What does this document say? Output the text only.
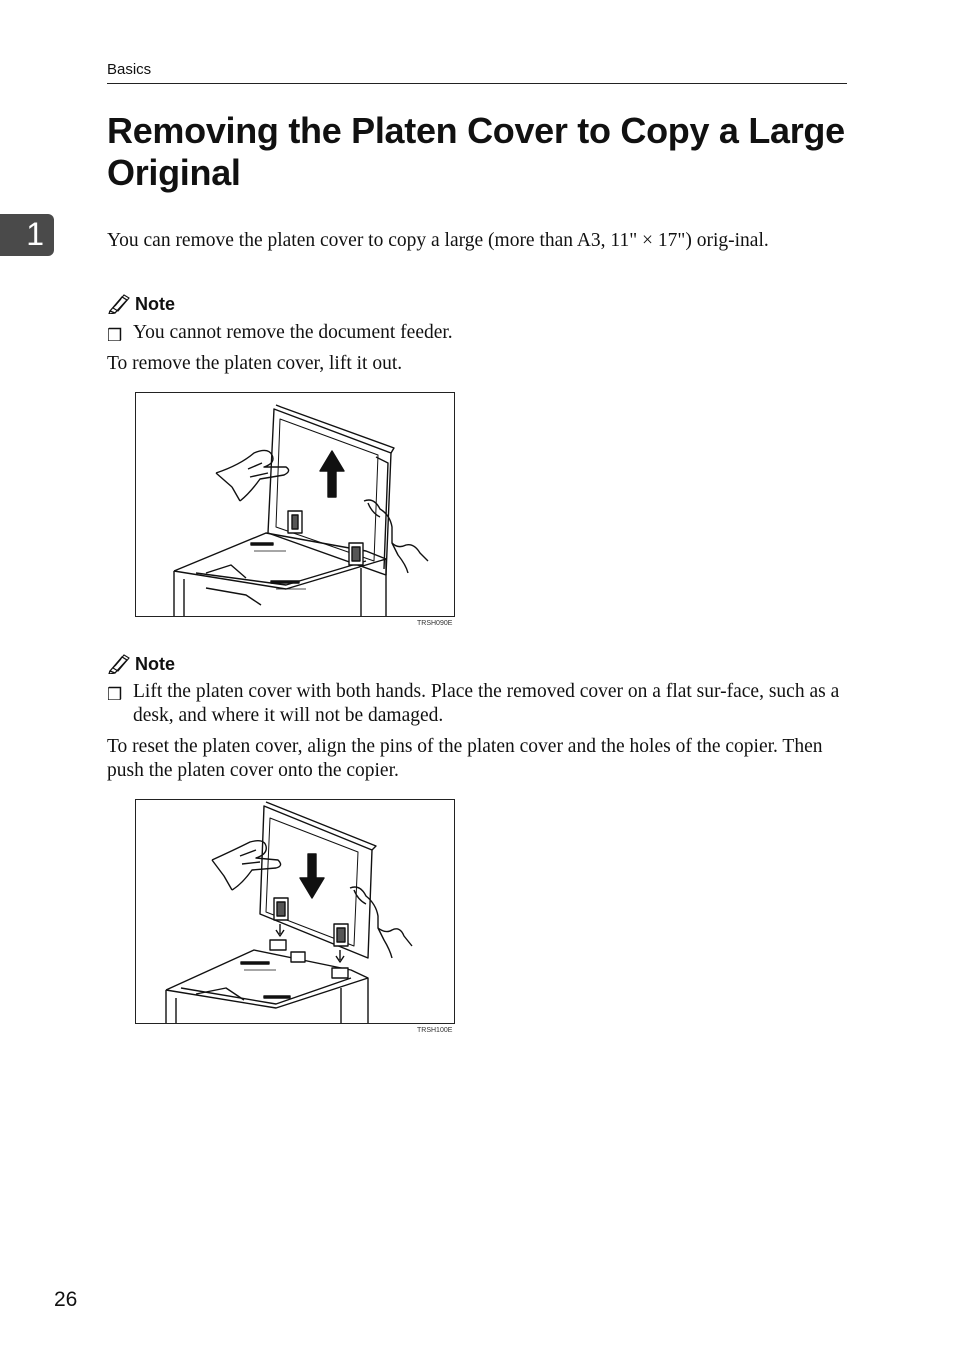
Basics
Removing the Platen Cover to Copy a Large Original
1	You can remove the platen cover to copy a large (more than A3, 11" × 17") orig-inal.

Note
❒ You cannot remove the document feeder.

To remove the platen cover, lift it out.

TRSH090E
Note
❒ Lift the platen cover with both hands. Place the removed cover on a flat sur-face, such as a desk, and where it will not be damaged.

To reset the platen cover, align the pins of the platen cover and the holes of the copier. Then push the platen cover onto the copier.

TRSH100E
26
